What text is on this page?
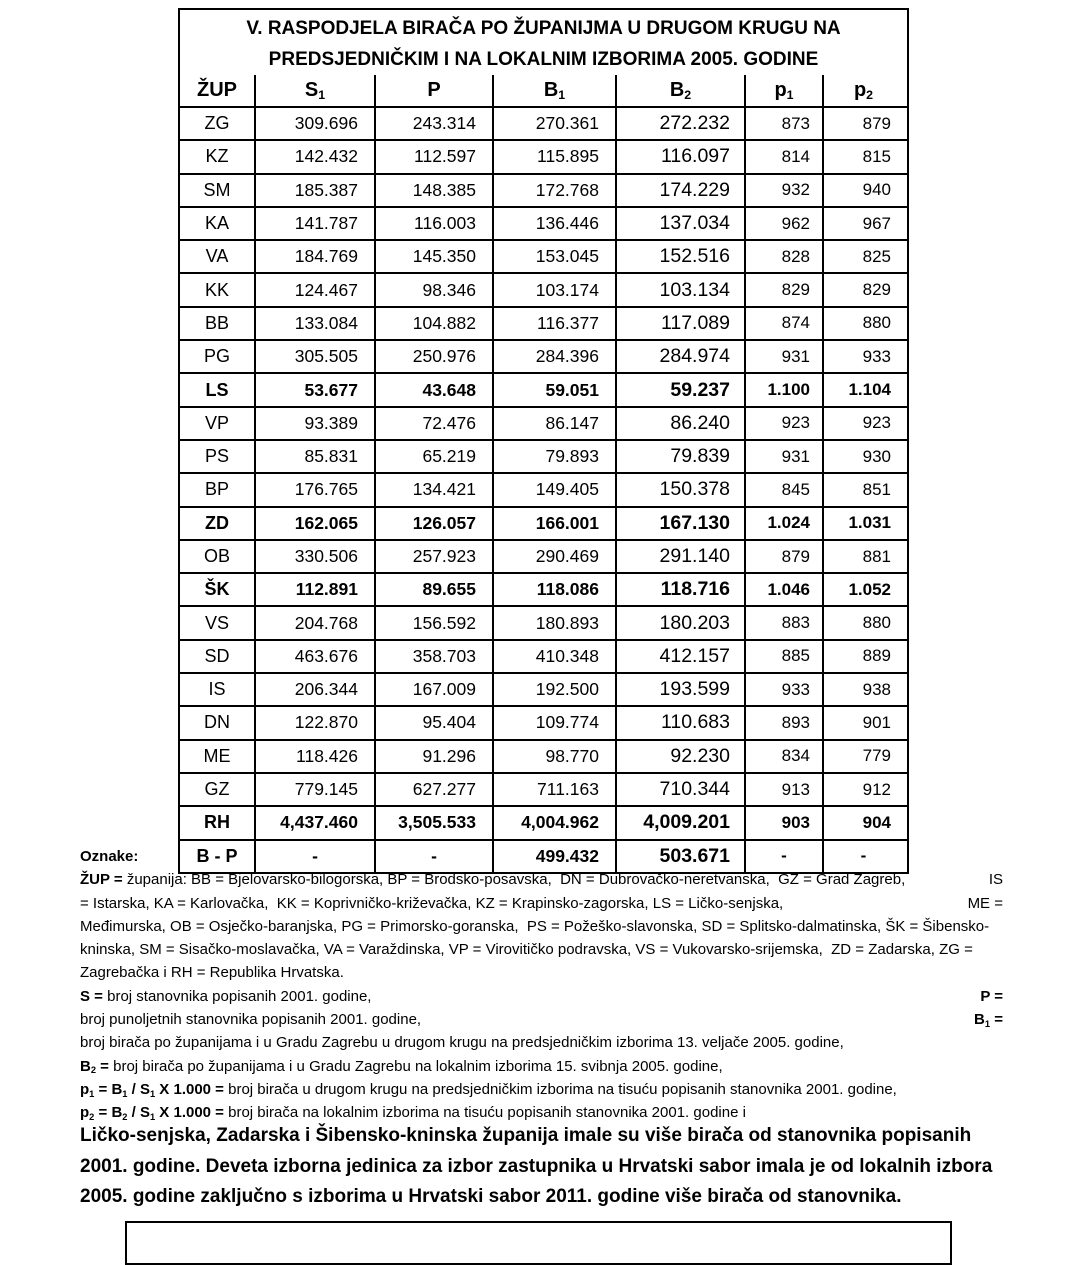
V. RASPODJELA BIRAČA PO ŽUPANIJMA U DRUGOM KRUGU NA
PREDSJEDNIČKIM I NA LOKALNIM IZBORIMA 2005. GODINE
ŽUP	S1	P	B1	B2	p1	p2
ZG	309.696	243.314	270.361	272.232	873	879
KZ	142.432	112.597	115.895	116.097	814	815
SM	185.387	148.385	172.768	174.229	932	940
KA	141.787	116.003	136.446	137.034	962	967
VA	184.769	145.350	153.045	152.516	828	825
KK	124.467	98.346	103.174	103.134	829	829
BB	133.084	104.882	116.377	117.089	874	880
PG	305.505	250.976	284.396	284.974	931	933
LS	53.677	43.648	59.051	59.237	1.100	1.104
VP	93.389	72.476	86.147	86.240	923	923
PS	85.831	65.219	79.893	79.839	931	930
BP	176.765	134.421	149.405	150.378	845	851
ZD	162.065	126.057	166.001	167.130	1.024	1.031
OB	330.506	257.923	290.469	291.140	879	881
ŠK	112.891	89.655	118.086	118.716	1.046	1.052
VS	204.768	156.592	180.893	180.203	883	880
SD	463.676	358.703	410.348	412.157	885	889
IS	206.344	167.009	192.500	193.599	933	938
DN	122.870	95.404	109.774	110.683	893	901
ME	118.426	91.296	98.770	92.230	834	779
GZ	779.145	627.277	711.163	710.344	913	912
RH	4,437.460	3,505.533	4,004.962	4,009.201	903	904
B - P	-	-	499.432	503.671	-	-
Oznake:
ŽUP = županija: BB = Bjelovarsko-bilogorska, BP = Brodsko-posavska,  DN = Dubrovačko-neretvanska,  GZ = Grad Zagreb,	IS
= Istarska, KA = Karlovačka,  KK = Koprivničko-križevačka, KZ = Krapinsko-zagorska, LS = Ličko-senjska,	ME =
Međimurska, OB = Osječko-baranjska, PG = Primorsko-goranska,  PS = Požeško-slavonska, SD = Splitsko-dalmatinska, ŠK = Šibensko-
kninska, SM = Sisačko-moslavačka, VA = Varaždinska, VP = Virovitičko podravska, VS = Vukovarsko-srijemska,  ZD = Zadarska, ZG =
Zagrebačka i RH = Republika Hrvatska.
S = broj stanovnika popisanih 2001. godine,	P =
broj punoljetnih stanovnika popisanih 2001. godine,	B1 =
broj birača po županijama i u Gradu Zagrebu u drugom krugu na predsjedničkim izborima 13. veljače 2005. godine,
B2 = broj birača po županijama i u Gradu Zagrebu na lokalnim izborima 15. svibnja 2005. godine,
p1 = B1 / S1 X 1.000 = broj birača u drugom krugu na predsjedničkim izborima na tisuću popisanih stanovnika 2001. godine,
p2 = B2 / S1 X 1.000 = broj birača na lokalnim izborima na tisuću popisanih stanovnika 2001. godine i
Ličko-senjska, Zadarska i Šibensko-kninska županija imale su više birača od stanovnika popisanih
2001. godine. Deveta izborna jedinica za izbor zastupnika u Hrvatski sabor imala je od lokalnih izbora
2005. godine zaključno s izborima u Hrvatski sabor 2011. godine više birača od stanovnika.
